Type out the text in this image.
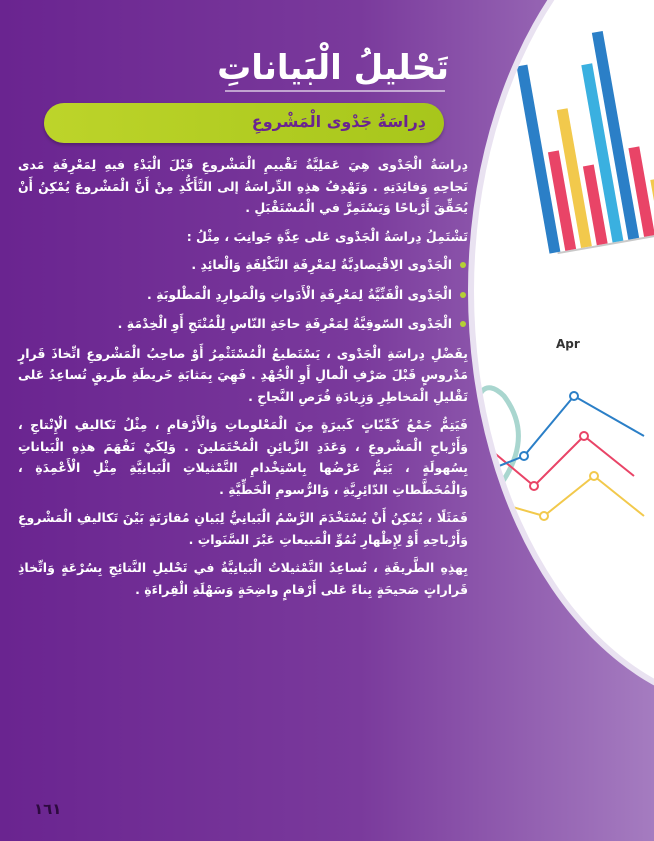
Apr
تَحْليلُ الْبَياناتِ
دِراسَةُ جَدْوى الْمَشْروعِ

دِراسَةُ الْجَدْوى هِيَ عَمَلِيَّةُ تَقْييمِ الْمَشْروعِ قَبْلَ الْبَدْءِ فيهِ لِمَعْرِفَةِ مَدى نَجاحِهِ وَفائِدَتِهِ . وَتَهْدِفُ هذِهِ الدِّراسَةُ إلى التَّأَكُّدِ مِنْ أَنَّ الْمَشْروعَ يُمْكِنُ أَنْ يُحَقِّقَ أَرْباحًا وَيَسْتَمِرَّ في الْمُسْتَقْبَلِ .

تَشْتَمِلُ دِراسَةُ الْجَدْوى عَلى عِدَّةِ جَوانِبَ ، مِثْلُ :

الْجَدْوى الِاقْتِصادِيَّةُ لِمَعْرِفَةِ التَّكْلِفَةِ وَالْعائِدِ .
الْجَدْوى الْفَنِّيَّةُ لِمَعْرِفَةِ الْأَدَواتِ وَالْمَوارِدِ الْمَطْلوبَةِ .
الْجَدْوى السّوقِيَّةُ لِمَعْرِفَةِ حاجَةِ النّاسِ لِلْمُنْتَجِ أَوِ الْخِدْمَةِ .

بِفَضْلِ دِراسَةِ الْجَدْوى ، يَسْتَطيعُ الْمُسْتَثْمِرُ أَوْ صاحِبُ الْمَشْروعِ اتِّخاذَ قَرارٍ مَدْروسٍ قَبْلَ صَرْفِ الْمالِ أَوِ الْجُهْدِ . فَهِيَ بِمَثابَةِ خَريطَةِ طَريقٍ تُساعِدُ عَلى تَقْليلِ الْمَخاطِرِ وَزِيادَةِ فُرَصِ النَّجاحِ .

فَيَتِمُّ جَمْعُ كَمِّيّاتٍ كَبيرَةٍ مِنَ الْمَعْلوماتِ وَالْأَرْقامِ ، مِثْلُ تَكاليفِ الْإِنْتاجِ ، وَأَرْباحِ الْمَشْروعِ ، وَعَدَدِ الزَّبائِنِ الْمُحْتَمَلينَ . وَلِكَيْ نَفْهَمَ هذِهِ الْبَياناتِ بِسُهولَةٍ ، يَتِمُّ عَرْضُها بِاسْتِخْدامِ التَّمْثيلاتِ الْبَيانِيَّةِ مِثْلِ الْأَعْمِدَةِ ، وَالْمُخَطَّطاتِ الدّائِرِيَّةِ ، وَالرُّسومِ الْخَطِّيَّةِ .

فَمَثَلًا ، يُمْكِنُ أَنْ يُسْتَخْدَمَ الرَّسْمُ الْبَيانِيُّ لِبَيانِ مُقارَنَةٍ بَيْنَ تَكاليفِ الْمَشْروعِ وَأَرْباحِهِ أَوْ لِإِظْهارِ نُمُوِّ الْمَبيعاتِ عَبْرَ السَّنَواتِ .

بِهذِهِ الطَّريقَةِ ، تُساعِدُ التَّمْثيلاتُ الْبَيانِيَّةُ في تَحْليلِ النَّتائِجِ بِسُرْعَةٍ وَاتِّخاذِ قَراراتٍ صَحيحَةٍ بِناءً عَلى أَرْقامٍ واضِحَةٍ وَسَهْلَةِ الْقِراءَةِ .

١٦١
